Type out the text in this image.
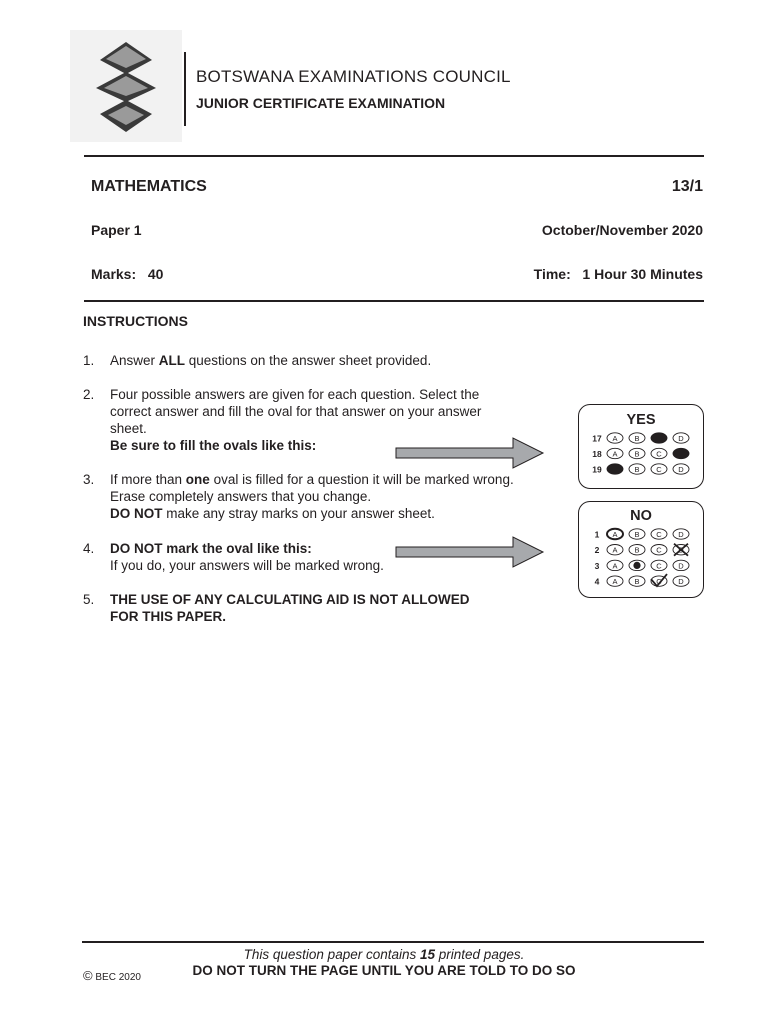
BOTSWANA EXAMINATIONS COUNCIL
JUNIOR CERTIFICATE EXAMINATION
MATHEMATICS	13/1
Paper 1	October/November 2020
Marks: 40	Time: 1 Hour 30 Minutes
INSTRUCTIONS
1. Answer ALL questions on the answer sheet provided.
2. Four possible answers are given for each question. Select the correct answer and fill the oval for that answer on your answer sheet.
Be sure to fill the ovals like this:
3. If more than one oval is filled for a question it will be marked wrong.
Erase completely answers that you change.
DO NOT make any stray marks on your answer sheet.
4. DO NOT mark the oval like this:
If you do, your answers will be marked wrong.
5. THE USE OF ANY CALCULATING AID IS NOT ALLOWED
FOR THIS PAPER.
YES
17 A B	D
18 A B C
19	B C D
NO
1 A B C D
2 A B C
3 A	C D
4 A B C D
This question paper contains 15 printed pages.
DO NOT TURN THE PAGE UNTIL YOU ARE TOLD TO DO SO
© BEC 2020
